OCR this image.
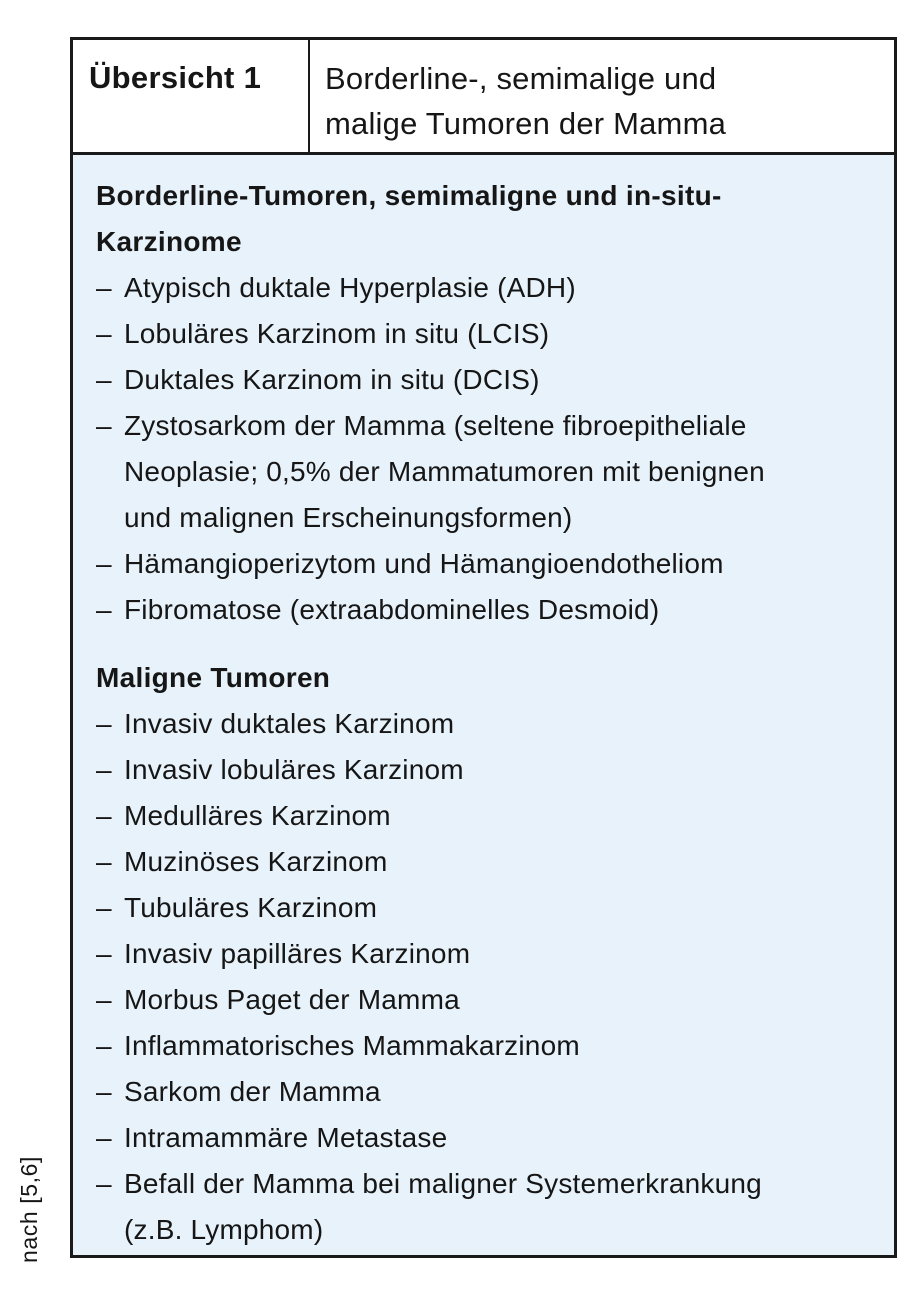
nach [5,6]
Übersicht 1	Borderline-, semimalige und
malige Tumoren der Mamma
Borderline-Tumoren, semimaligne und in-situ-
Karzinome
– Atypisch duktale Hyperplasie (ADH)
– Lobuläres Karzinom in situ (LCIS)
– Duktales Karzinom in situ (DCIS)
– Zystosarkom der Mamma (seltene fibroepitheliale
Neoplasie; 0,5% der Mammatumoren mit benignen
und malignen Erscheinungsformen)
– Hämangioperizytom und Hämangioendotheliom
– Fibromatose (extraabdominelles Desmoid)
Maligne Tumoren
– Invasiv duktales Karzinom
– Invasiv lobuläres Karzinom
– Medulläres Karzinom
– Muzinöses Karzinom
– Tubuläres Karzinom
– Invasiv papilläres Karzinom
– Morbus Paget der Mamma
– Inflammatorisches Mammakarzinom
– Sarkom der Mamma
– Intramammäre Metastase
– Befall der Mamma bei maligner Systemerkrankung
(z.B. Lymphom)
